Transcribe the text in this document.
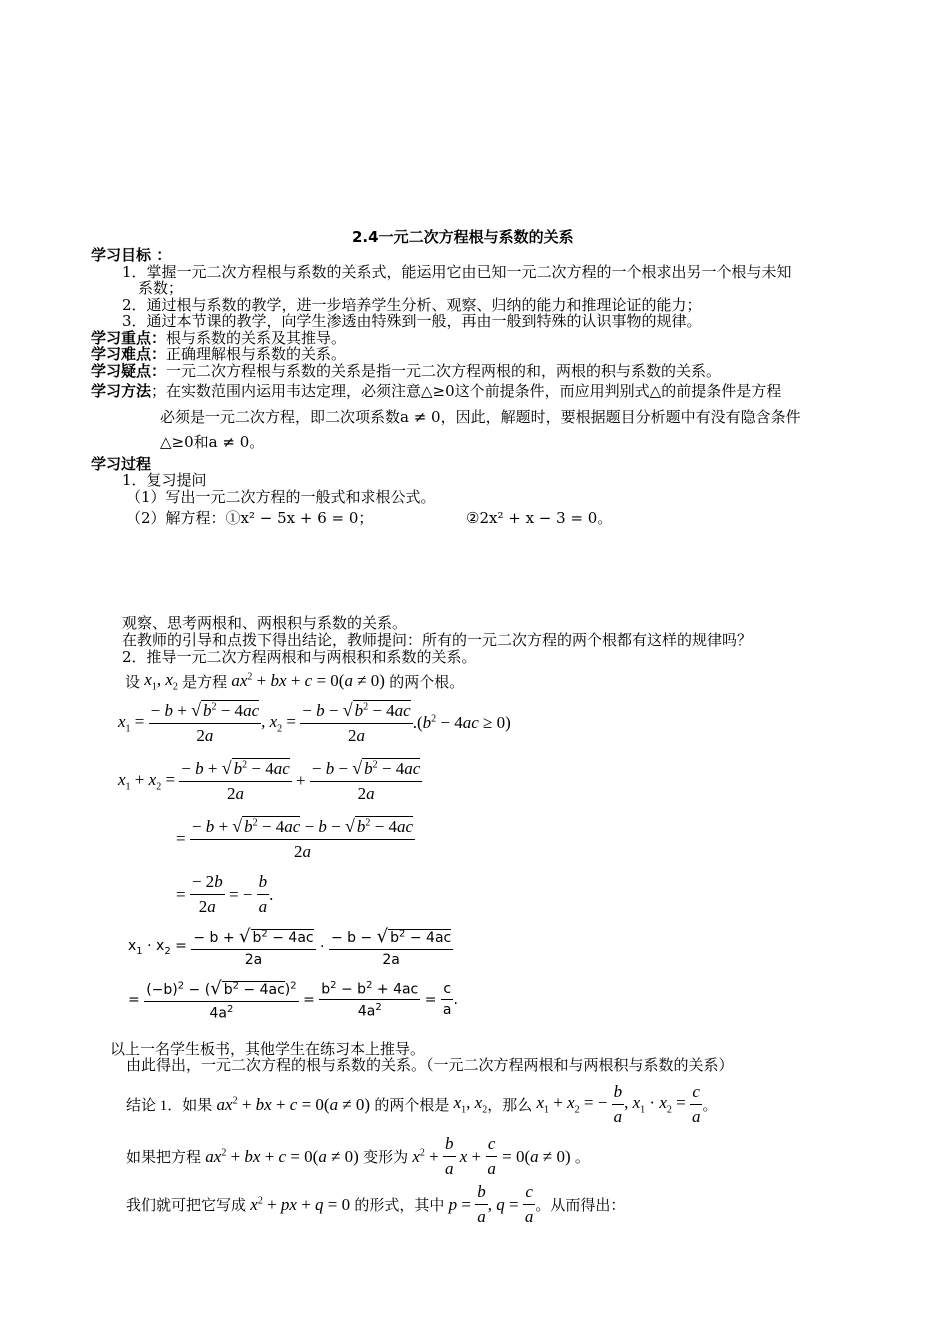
2.4一元二次方程根与系数的关系
学习目标 ：
1．掌握一元二次方程根与系数的关系式，能运用它由已知一元二次方程的一个根求出另一个根与未知
系数；
2．通过根与系数的教学，进一步培养学生分析、观察、归纳的能力和推理论证的能力；
3．通过本节课的教学，向学生渗透由特殊到一般，再由一般到特殊的认识事物的规律。
学习重点：根与系数的关系及其推导。
学习难点：正确理解根与系数的关系。
学习疑点：一元二次方程根与系数的关系是指一元二次方程两根的和，两根的积与系数的关系。
学习方法；在实数范围内运用韦达定理，必须注意△≥0这个前提条件，而应用判别式△的前提条件是方程
必须是一元二次方程，即二次项系数a ≠ 0，因此，解题时，要根据题目分析题中有没有隐含条件
△≥0和a ≠ 0。
学习过程
1．复习提问
（1）写出一元二次方程的一般式和求根公式。
（2）解方程：①x² − 5x + 6 = 0；	②2x² + x − 3 = 0。
观察、思考两根和、两根积与系数的关系。
在教师的引导和点拨下得出结论，教师提问：所有的一元二次方程的两个根都有这样的规律吗？
2．推导一元二次方程两根和与两根积和系数的关系。
设 $x_1$, $x_2$ 是方程 $ax^2$ + bx + c = 0(a ≠ 0) 的两个根。
$x_1 = \frac{- b + √ b^2 - 4ac}{2a}$ , $x_2 = \frac{- b - √ b^2 - 4ac}{2a} .(b^2 - 4ac \ge 0)$
$x_1 + x_2 = \frac{- b + √ b^2 - 4ac}{2a} + \frac{- b - √ b^2 - 4ac}{2a}$
= $\frac{- b + √ b^2 - 4ac - b - √ b^2 - 4ac}{2a}$
= $\frac{- 2b}{2a}$ = − $\frac{b}{a}$ .
$x_1 \cdot x_2 = \frac{- b + √ b^2 - 4ac}{2a} \cdot \frac{- b - √ b^2 - 4ac}{2a}$
= $\frac{(-b)^2 - (√ b^2 - 4ac)^2}{4a^2} = \frac{b^2 - b^2 + 4ac}{4a^2} = \frac{c}{a}$ .
以上一名学生板书，其他学生在练习本上推导。
由此得出，一元二次方程的根与系数的关系。（一元二次方程两根和与两根积与系数的关系）
结论 1．如果 $ax^2$ + bx + c = 0(a ≠ 0) 的两个根是 $x_1$, $x_2$ ，那么 $x_1 + x_2$ = − $\frac{b}{a}$ , $x_1 \cdot x_2 = \frac{c}{a}$ 。
如果把方程 $ax^2$ + bx + c = 0(a ≠ 0) 变形为 $x^2 + \frac{b}{a}$ $x + \frac{c}{a} = 0(a \ne 0)$ 。
我们就可把它写成 $x^2$ + px + q = 0 的形式，其中 $p = \frac{b}{a}$ , $q = \frac{c}{a}$ 。从而得出：
